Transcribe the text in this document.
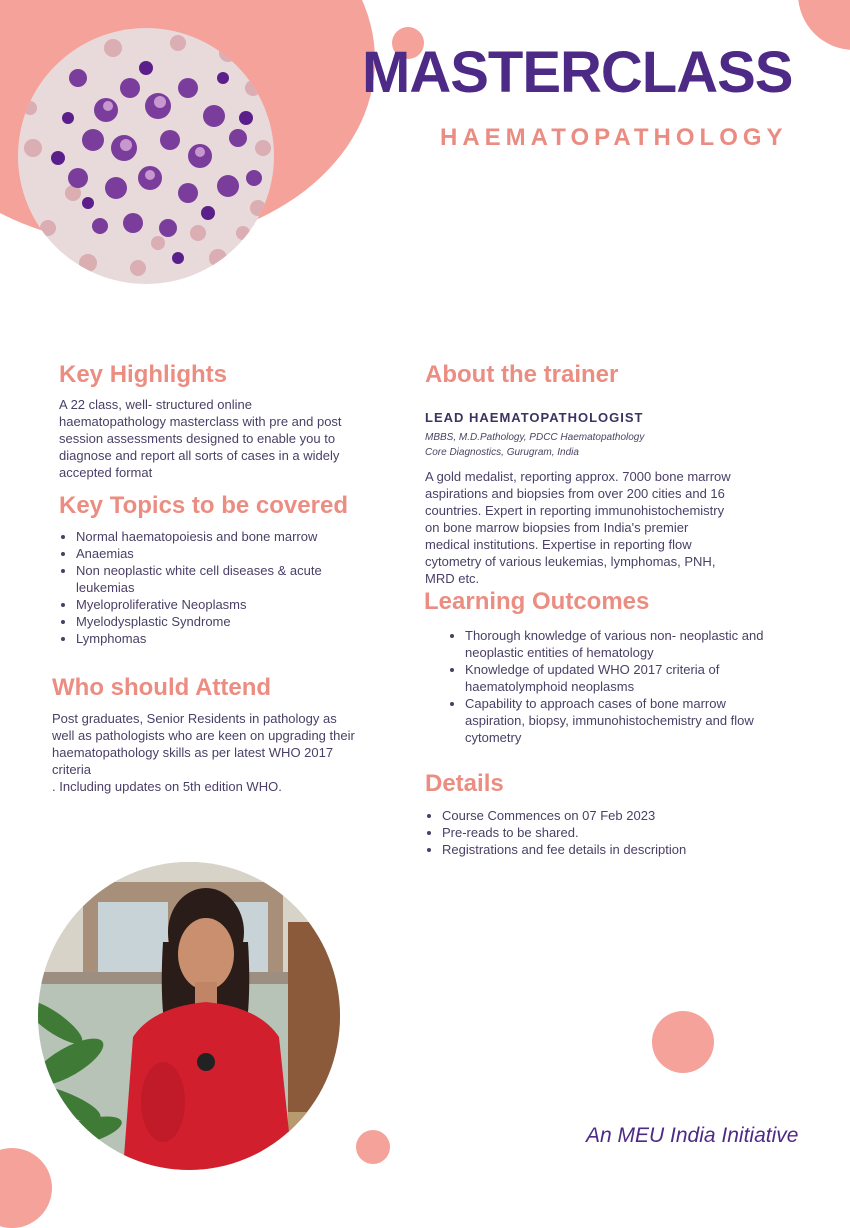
MASTERCLASS
HAEMATOPATHOLOGY
Key Highlights
A 22 class, well- structured online haematopathology masterclass with pre and post session assessments designed to enable you to diagnose and report all sorts of cases in a widely accepted format
Key Topics to be covered
• Normal haematopoiesis and bone marrow
• Anaemias
• Non neoplastic white cell diseases & acute leukemias
• Myeloproliferative Neoplasms
• Myelodysplastic Syndrome
• Lymphomas
Who should Attend
Post graduates, Senior Residents in pathology as well as pathologists who are keen on upgrading their haematopathology skills as per latest WHO 2017 criteria
. Including updates on 5th edition WHO.
About the trainer
LEAD HAEMATOPATHOLOGIST
MBBS, M.D.Pathology, PDCC Haematopathology
Core Diagnostics, Gurugram, India
A gold medalist, reporting approx. 7000 bone marrow aspirations and biopsies from over 200 cities and 16 countries. Expert in reporting immunohistochemistry on bone marrow biopsies from India's premier medical institutions. Expertise in reporting flow cytometry of various leukemias, lymphomas, PNH, MRD etc.
Learning Outcomes
• Thorough knowledge of various non- neoplastic and neoplastic entities of hematology
• Knowledge of updated WHO 2017 criteria of haematolymphoid neoplasms
• Capability to approach cases of bone marrow aspiration, biopsy, immunohistochemistry and flow cytometry
Details
• Course Commences on 07 Feb 2023
• Pre-reads to be shared.
• Registrations and fee details in description
An MEU India Initiative
